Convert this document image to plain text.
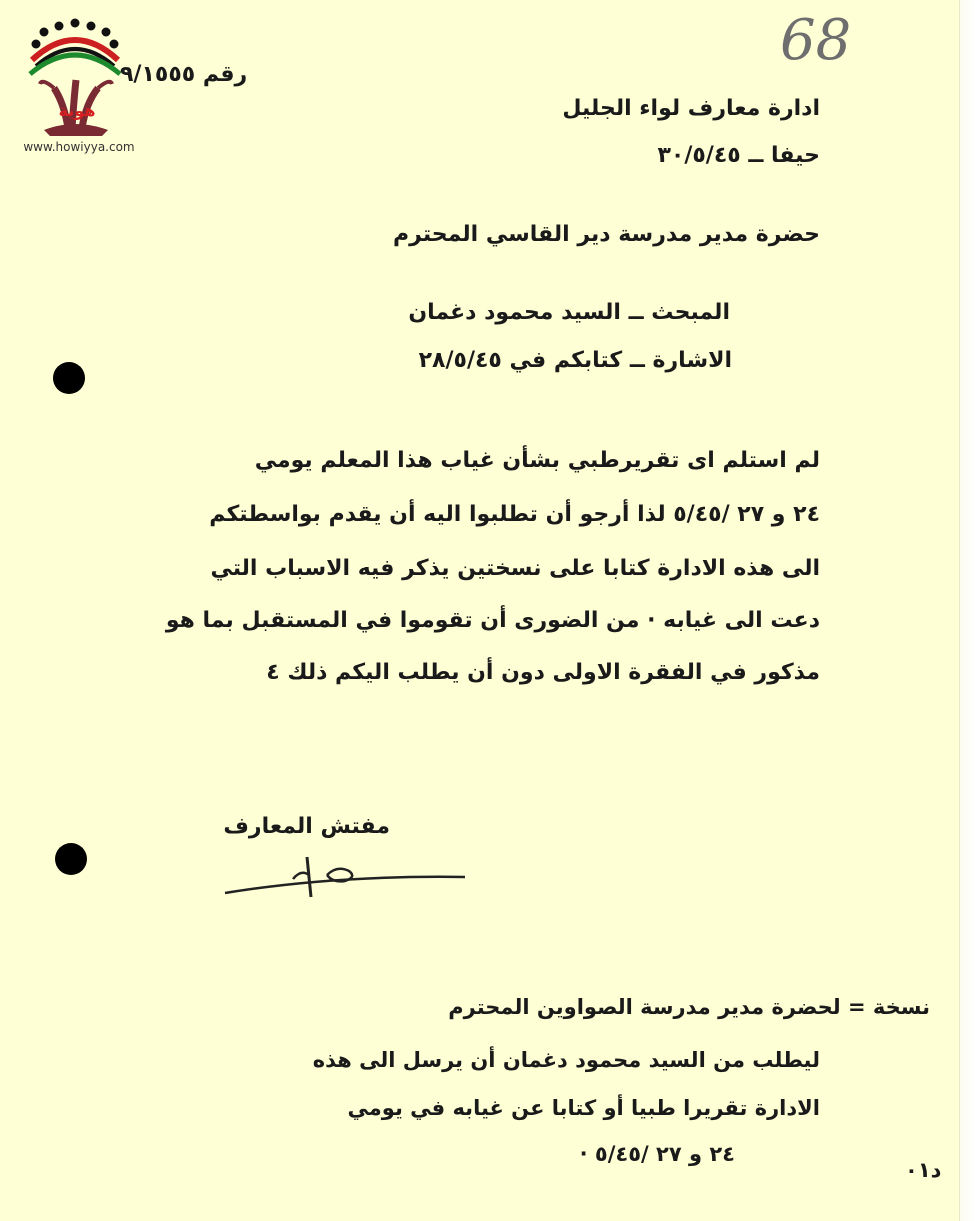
هوية
www.howiyya.com
68
رقم ٩/١٥٥٥
ادارة معارف لواء الجليل
حيفا ــ ٣٠/٥/٤٥
حضرة مدير مدرسة دير القاسي المحترم
المبحث ــ السيد محمود دغمان
الاشارة ــ كتابكم في ٢٨/٥/٤٥
لم استلم اى تقريرطبي بشأن غياب هذا المعلم يومي
٢٤ و ٢٧ /٥/٤٥ لذا أرجو أن تطلبوا اليه أن يقدم بواسطتكم
الى هذه الادارة كتابا على نسختين يذكر فيه الاسباب التي
دعت الى غيابه · من الضورى أن تقوموا في المستقبل بما هو
مذكور في الفقرة الاولى دون أن يطلب اليكم ذلك ٤
مفتش المعارف
نسخة = لحضرة مدير مدرسة الصواوين المحترم
ليطلب من السيد محمود دغمان أن يرسل الى هذه
الادارة تقريرا طبيا أو كتابا عن غيابه في يومي
٢٤ و ٢٧ /٥/٤٥ ·
د٠١
